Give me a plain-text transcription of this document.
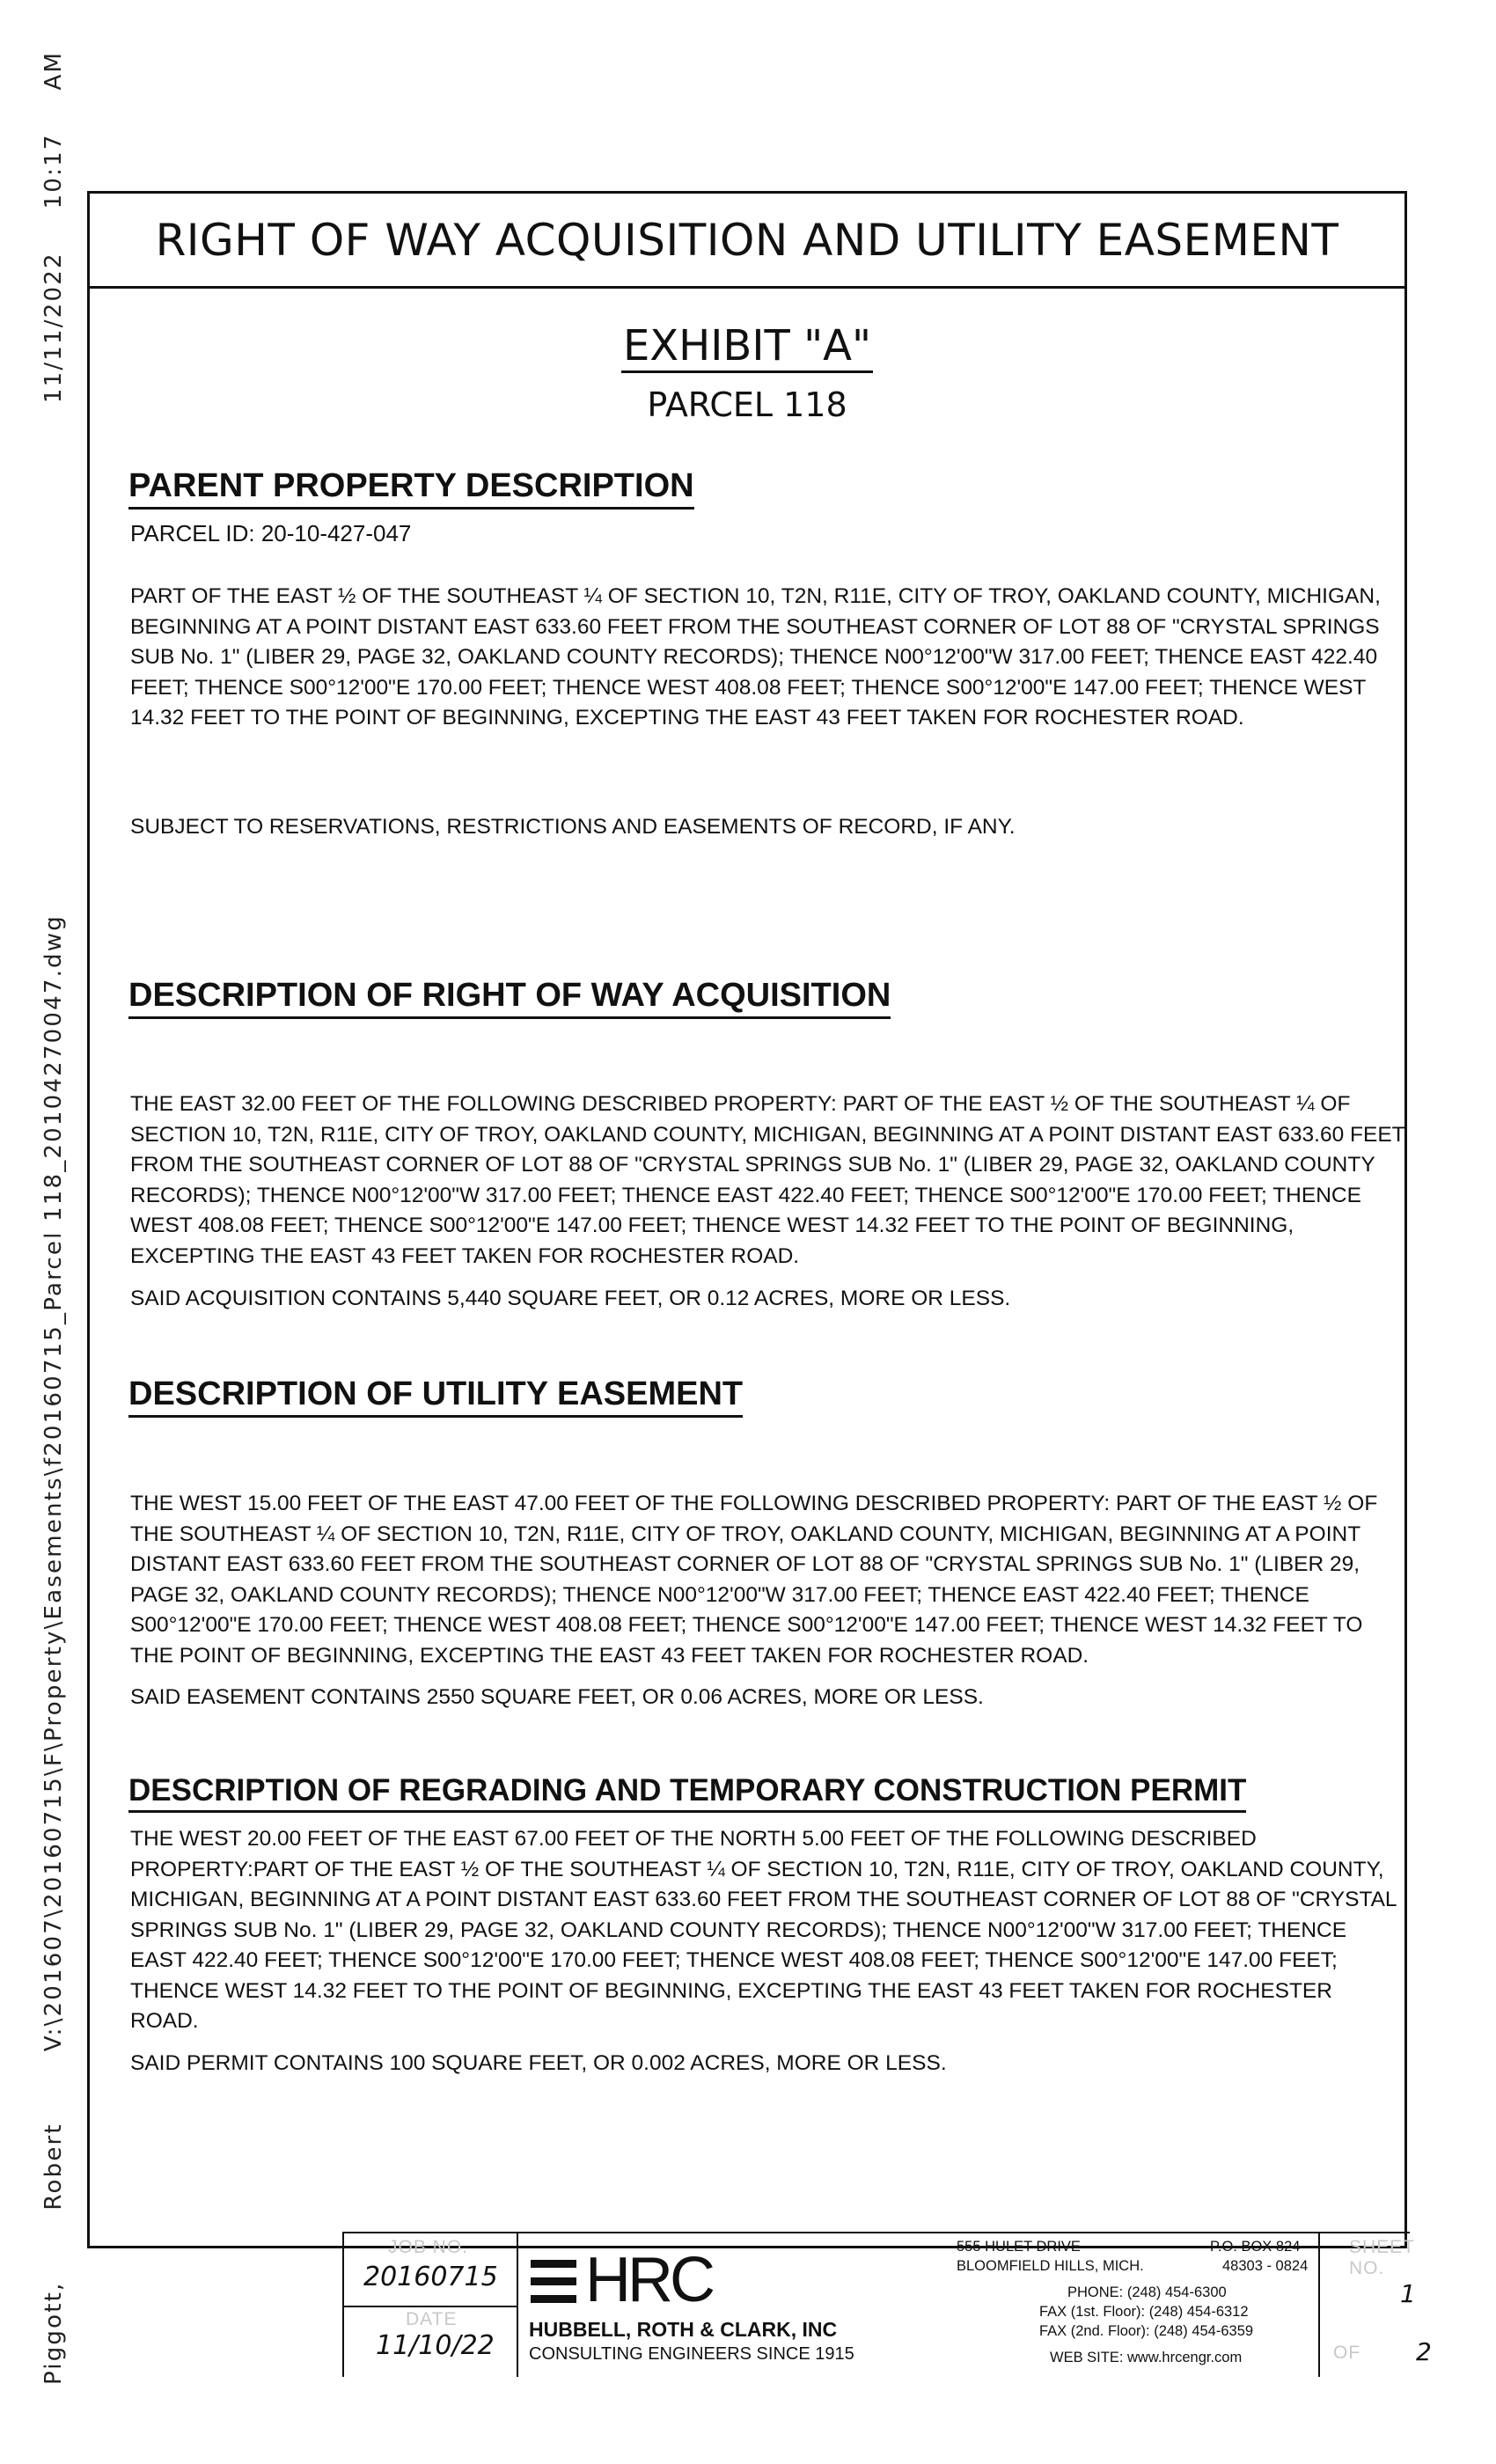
Piggott,  Robert  V:\201607\20160715\F\Property\Easements\f20160715_Parcel 118_20104270047.dwg  11/11/2022  10:17  AM
RIGHT OF WAY ACQUISITION AND UTILITY EASEMENT
EXHIBIT "A"
PARCEL 118
PARENT PROPERTY DESCRIPTION
PARCEL ID: 20-10-427-047

PART OF THE EAST ½ OF THE SOUTHEAST ¼ OF SECTION 10, T2N, R11E, CITY OF TROY, OAKLAND COUNTY, MICHIGAN, BEGINNING AT A POINT DISTANT EAST 633.60 FEET FROM THE SOUTHEAST CORNER OF LOT 88 OF "CRYSTAL SPRINGS SUB No. 1" (LIBER 29, PAGE 32, OAKLAND COUNTY RECORDS); THENCE N00°12'00"W 317.00 FEET; THENCE EAST 422.40 FEET; THENCE S00°12'00"E 170.00 FEET; THENCE WEST 408.08 FEET; THENCE S00°12'00"E 147.00 FEET; THENCE WEST 14.32 FEET TO THE POINT OF BEGINNING, EXCEPTING THE EAST 43 FEET TAKEN FOR ROCHESTER ROAD.

SUBJECT TO RESERVATIONS, RESTRICTIONS AND EASEMENTS OF RECORD, IF ANY.
DESCRIPTION OF RIGHT OF WAY ACQUISITION

THE EAST 32.00 FEET OF THE FOLLOWING DESCRIBED PROPERTY: PART OF THE EAST ½ OF THE SOUTHEAST ¼ OF SECTION 10, T2N, R11E, CITY OF TROY, OAKLAND COUNTY, MICHIGAN, BEGINNING AT A POINT DISTANT EAST 633.60 FEET FROM THE SOUTHEAST CORNER OF LOT 88 OF "CRYSTAL SPRINGS SUB No. 1" (LIBER 29, PAGE 32, OAKLAND COUNTY RECORDS); THENCE N00°12'00"W 317.00 FEET; THENCE EAST 422.40 FEET; THENCE S00°12'00"E 170.00 FEET; THENCE WEST 408.08 FEET; THENCE S00°12'00"E 147.00 FEET; THENCE WEST 14.32 FEET TO THE POINT OF BEGINNING, EXCEPTING THE EAST 43 FEET TAKEN FOR ROCHESTER ROAD.

SAID ACQUISITION CONTAINS 5,440 SQUARE FEET, OR 0.12 ACRES, MORE OR LESS.
DESCRIPTION OF UTILITY EASEMENT

THE WEST 15.00 FEET OF THE EAST 47.00 FEET OF THE FOLLOWING DESCRIBED PROPERTY: PART OF THE EAST ½ OF THE SOUTHEAST ¼ OF SECTION 10, T2N, R11E, CITY OF TROY, OAKLAND COUNTY, MICHIGAN, BEGINNING AT A POINT DISTANT EAST 633.60 FEET FROM THE SOUTHEAST CORNER OF LOT 88 OF "CRYSTAL SPRINGS SUB No. 1" (LIBER 29, PAGE 32, OAKLAND COUNTY RECORDS); THENCE N00°12'00"W 317.00 FEET; THENCE EAST 422.40 FEET; THENCE S00°12'00"E 170.00 FEET; THENCE WEST 408.08 FEET; THENCE S00°12'00"E 147.00 FEET; THENCE WEST 14.32 FEET TO THE POINT OF BEGINNING, EXCEPTING THE EAST 43 FEET TAKEN FOR ROCHESTER ROAD.

SAID EASEMENT CONTAINS 2550 SQUARE FEET, OR 0.06 ACRES, MORE OR LESS.
DESCRIPTION OF REGRADING AND TEMPORARY CONSTRUCTION PERMIT

THE WEST 20.00 FEET OF THE EAST 67.00 FEET OF THE NORTH 5.00 FEET OF THE FOLLOWING DESCRIBED PROPERTY:PART OF THE EAST ½ OF THE SOUTHEAST ¼ OF SECTION 10, T2N, R11E, CITY OF TROY, OAKLAND COUNTY, MICHIGAN, BEGINNING AT A POINT DISTANT EAST 633.60 FEET FROM THE SOUTHEAST CORNER OF LOT 88 OF "CRYSTAL SPRINGS SUB No. 1" (LIBER 29, PAGE 32, OAKLAND COUNTY RECORDS); THENCE N00°12'00"W 317.00 FEET; THENCE EAST 422.40 FEET; THENCE S00°12'00"E 170.00 FEET; THENCE WEST 408.08 FEET; THENCE S00°12'00"E 147.00 FEET; THENCE WEST 14.32 FEET TO THE POINT OF BEGINNING, EXCEPTING THE EAST 43 FEET TAKEN FOR ROCHESTER ROAD.

SAID PERMIT CONTAINS 100 SQUARE FEET, OR 0.002 ACRES, MORE OR LESS.
JOB NO.
20160715
DATE
11/10/22
HRC
HUBBELL, ROTH & CLARK, INC
CONSULTING ENGINEERS SINCE 1915
555 HULET DRIVE	P.O. BOX 824
BLOOMFIELD HILLS, MICH.	48303 - 0824
PHONE: (248) 454-6300
FAX (1st. Floor): (248) 454-6312
FAX (2nd. Floor): (248) 454-6359
WEB SITE: www.hrcengr.com
SHEET NO.
1
OF 2
